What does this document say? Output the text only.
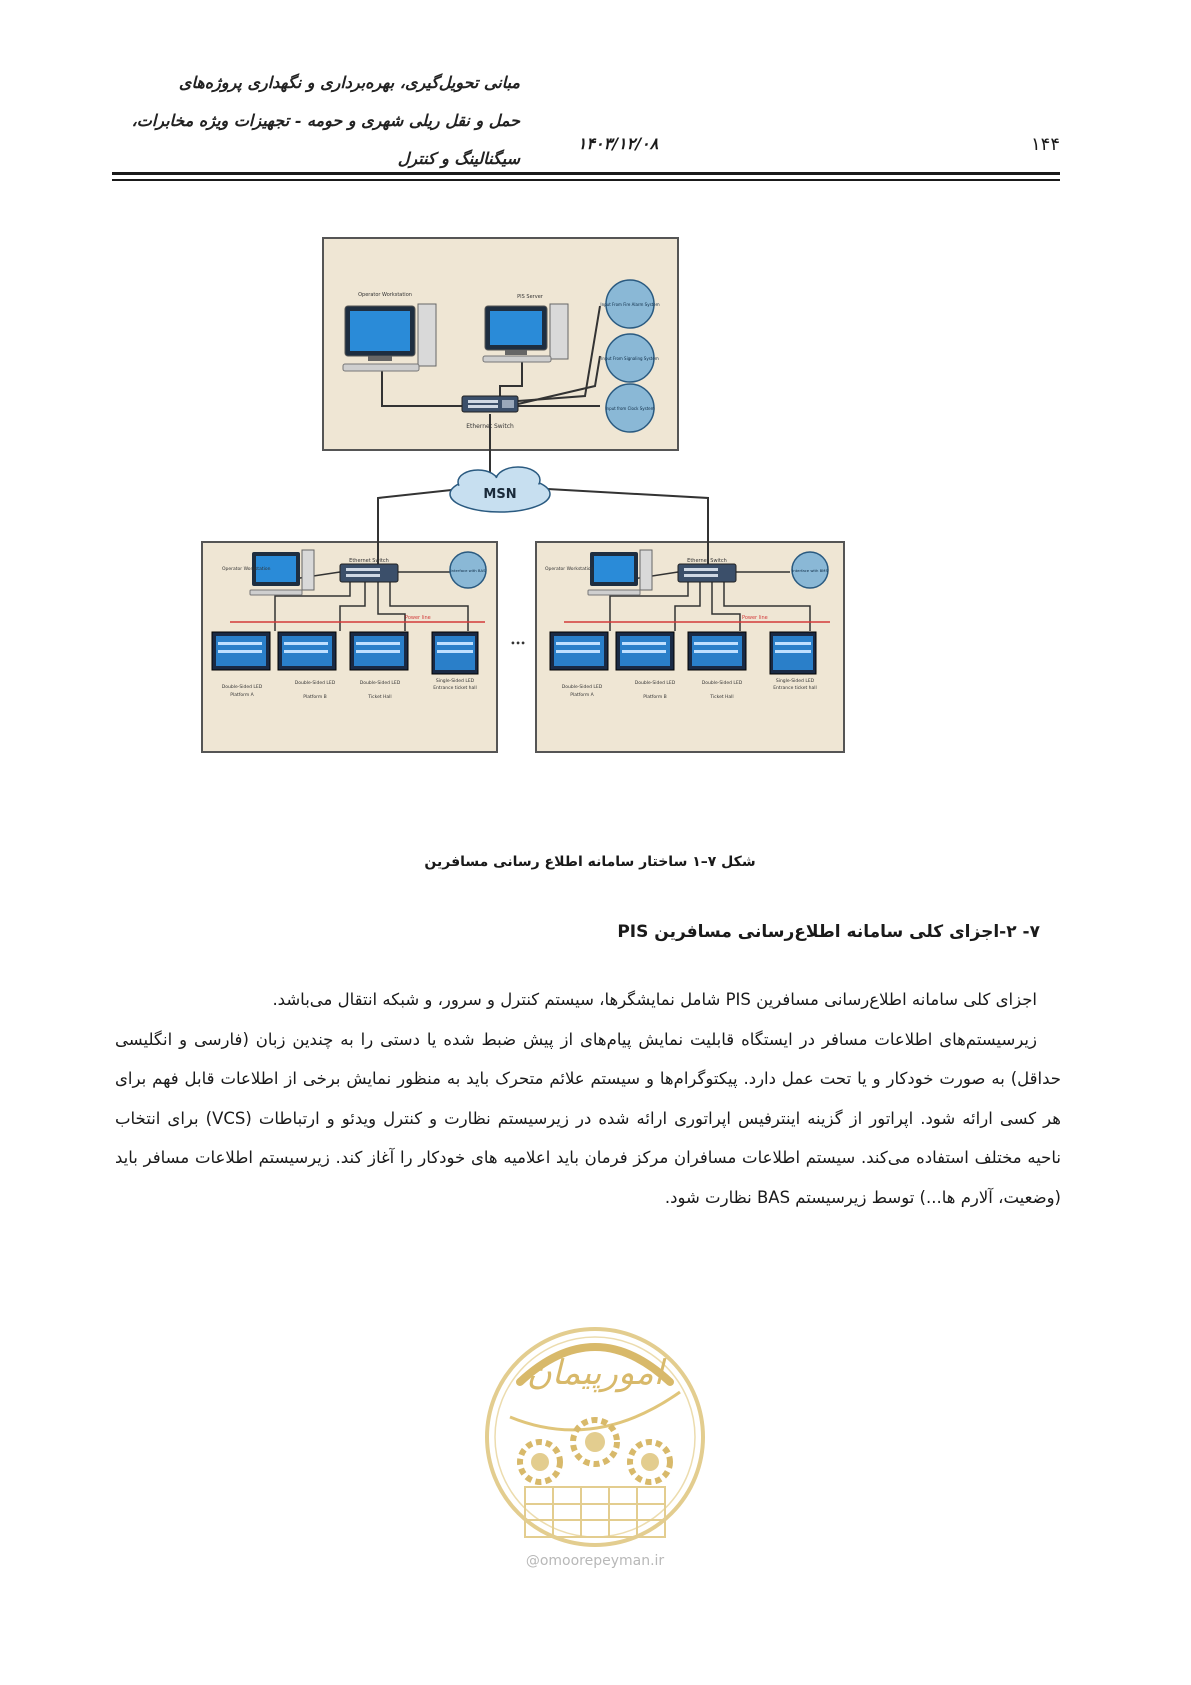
مبانی تحویل‌گیری، بهره‌برداری و نگهداری پروژه‌های
حمل و نقل ریلی شهری و حومه - تجهیزات ویژه مخابرات،
سیگنالینگ و کنترل
۱۴۰۳/۱۲/۰۸	۱۴۴
Operator Workstation	PIS Server
Input From Fire Alarm System
Input From Signaling System
Input from Clock System
Ethernet Switch
MSN
Power line
Operator Workstation
Ethernet Switch
Interface with BAS
Double-Sided LED
Platform A
Double-Sided LED
Platform B
Double-Sided LED
Ticket Hall
Single-Sided LED
Entrance ticket hall
•••
Power line
Operator Workstation
Ethernet Switch
Interface with BMS
Double-Sided LED
Platform A
Double-Sided LED
Platform B
Double-Sided LED
Ticket Hall
Single-Sided LED
Entrance ticket hall
شکل ۷–۱ ساختار سامانه اطلاع رسانی مسافرین
۷- ۲-اجزای کلی سامانه اطلاع‌رسانی مسافرین PIS

اجزای کلی سامانه اطلاع‌رسانی مسافرین PIS شامل نمایشگرها، سیستم کنترل و سرور، و شبکه انتقال می‌باشد.

زیرسیستم‌های اطلاعات مسافر در ایستگاه قابلیت نمایش پیام‌های از پیش ضبط شده یا دستی را به چندین زبان (فارسی و انگلیسی حداقل) به صورت خودکار و یا تحت عمل دارد. پیکتوگرام‌ها و سیستم علائم متحرک باید به منظور نمایش برخی از اطلاعات قابل فهم برای هر کسی ارائه شود. اپراتور از گزینه اینترفیس اپراتوری ارائه شده در زیرسیستم نظارت و کنترل ویدئو و ارتباطات (VCS) برای انتخاب ناحیه مختلف استفاده می‌کند. سیستم اطلاعات مسافران مرکز فرمان باید اعلامیه های خودکار را آغاز کند. زیرسیستم اطلاعات مسافر باید (وضعیت، آلارم ها...) توسط زیرسیستم BAS نظارت شود.

امورپیمان
@omoorepeyman.ir
